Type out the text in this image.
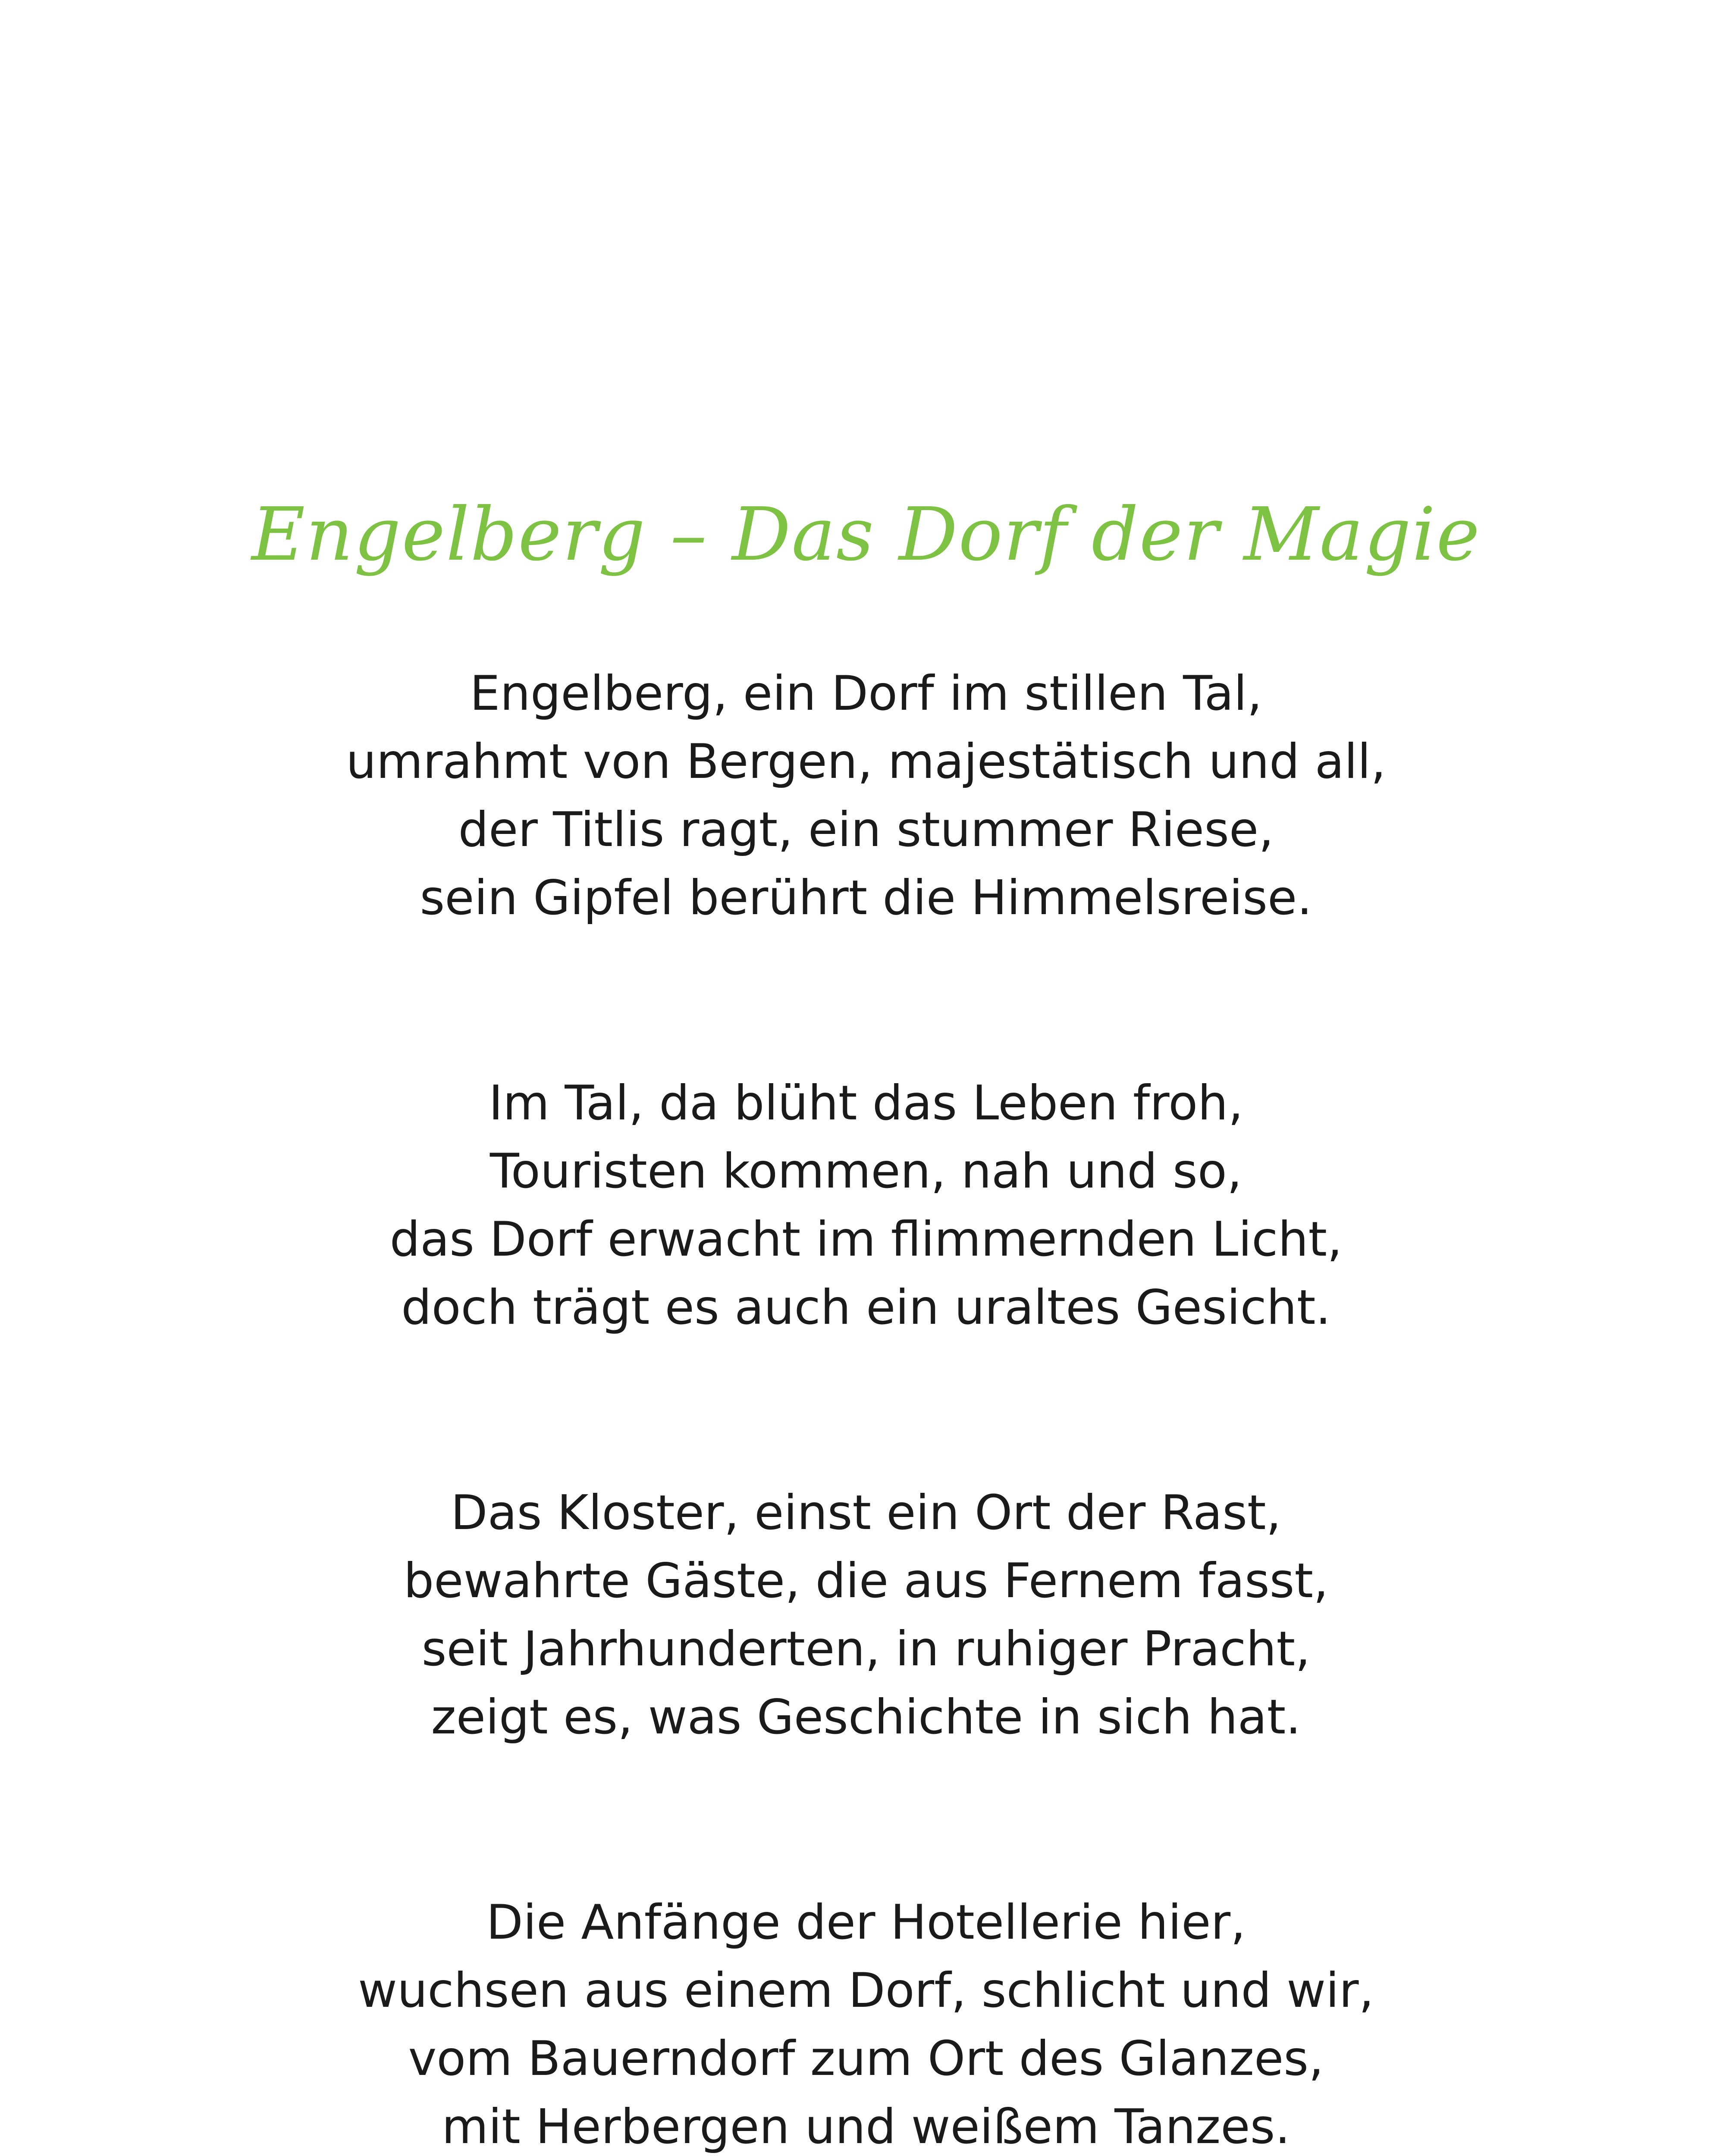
Engelberg – Das Dorf der Magie
Engelberg, ein Dorf im stillen Tal,
umrahmt von Bergen, majestätisch und all,
der Titlis ragt, ein stummer Riese,
sein Gipfel berührt die Himmelsreise.
Im Tal, da blüht das Leben froh,
Touristen kommen, nah und so,
das Dorf erwacht im flimmernden Licht,
doch trägt es auch ein uraltes Gesicht.
Das Kloster, einst ein Ort der Rast,
bewahrte Gäste, die aus Fernem fasst,
seit Jahrhunderten, in ruhiger Pracht,
zeigt es, was Geschichte in sich hat.
Die Anfänge der Hotellerie hier,
wuchsen aus einem Dorf, schlicht und wir,
vom Bauerndorf zum Ort des Glanzes,
mit Herbergen und weißem Tanzes.
